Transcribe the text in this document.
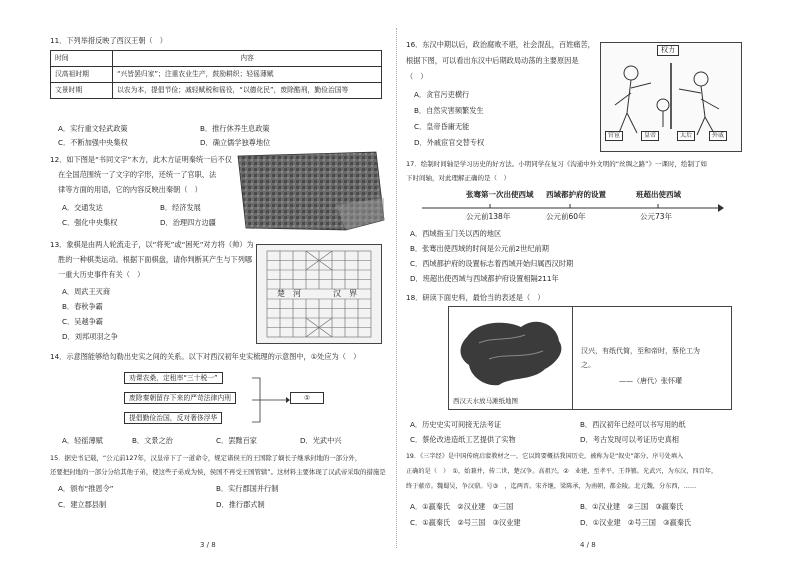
11．下列举措反映了西汉王朝（　）
时间	内容
汉高祖时期	“兴皆罢归家”；注重农业生产，鼓励耕织；轻徭薄赋
文景时期	以农为本，提倡节俭；减轻赋税和徭役，“以德化民”，废除酷刑，勤俭治国等
A．实行重文轻武政策	B．推行休养生息政策
C．不断加强中央集权	D．确立儒学独尊地位
12．如下图是“书同文字”木方，此木方证明秦统一后不仅
在全国范围统一了文字的字形，还统一了官职、法
律等方面的用语，它的内容反映出秦朝（　）
A．交通发达	B．经济发展
C．强化中央集权	D．治理四方边疆
13．象棋是由两人轮流走子，以“将死”或“困死”对方将（帅）为
胜的一种棋类运动。根据下面棋盘，请你判断其产生与下列哪
一重大历史事件有关（　）
A．周武王灭商
B．春秋争霸
C．吴越争霸
D．刘邦项羽之争
楚　河	汉　界
14．示意图能够给勾勒出史实之间的关系。以下对西汉初年史实梳理的示意图中，①处应为（　）
劝课农桑，定租率“三十税一”
废除秦朝留存下来的严苛法律内刑
提倡勤俭治国，反对奢侈浮华
①
A．轻徭薄赋	B．文景之治	C．罢黜百家	D．光武中兴
15．据史书记载，“公元前127年，汉皇帝下了一道命令，规定诸侯王的王国除了嫡长子继承封地的一部分外，
还要把封地的一部分分给其他子弟，使这些子弟成为侯，侯国不再受王国管辖”。这材料主要体现了汉武帝采取的措施是
A．颁布“推恩令”	B．实行郡国并行制
C．建立郡县制	D．推行郡式制
3 / 8
16．东汉中期以后，政治腐败不堪，社会混乱，百姓痛苦，
根据下图，可以看出东汉中后期政局动荡的主要原因是
（　）
A．贪官污吏横行
B．自然灾害频繁发生
C．皇帝昏庸无能
D．外戚宦官交替专权
权力
官宦	皇帝	太后	外戚
17．绘制时间轴是学习历史的好方法。小明同学在复习《沟通中外文明的“丝绸之路”》一课时，绘制了如
下时间轴，对此理解正确的是（　）
张骞第一次出使西域 西域都护府的设置	班超出使西域
公元前138年	公元前60年	公元73年
A．西域指玉门关以西的地区
B．张骞出使西域的时间是公元前2世纪前期
C．西域都护府的设置标志着西域开始归属西汉时期
D．班超出使西域与西域都护府设置相隔211年
18．研读下面史料，最恰当的表述是（　）
西汉天水放马滩纸地图
汉兴，有纸代简，至和帝时，蔡伦工为
之。
——（唐代）张怀瓘
A．历史史实可间接无法考证	B．西汉初年已经可以书写用的纸
C．蔡伦改进造纸工艺提供了实物	D．考古发现可以考证历史真相
19．《三字经》是中国传统启蒙教材之一，它以简要概括我国历史，被称为是“叙史”部分，序号处填入
正确的是（　）　①，始兼并，传二世，楚汉争。高祖兴，②　业建，至孝平，王莽篡。光武兴，为东汉，四百年，
终于献帝。魏蜀吴，争汉鼎。号③　，迄两晋。宋齐继，梁陈承，为南朝，都金陵。北元魏，分东西，……
A．①嬴秦氏　②汉业建　③三国	B．①汉业建　②三国　③嬴秦氏
C．①嬴秦氏　②号三国　③汉业建	D．①汉业建　②号三国　③嬴秦氏
4 / 8
